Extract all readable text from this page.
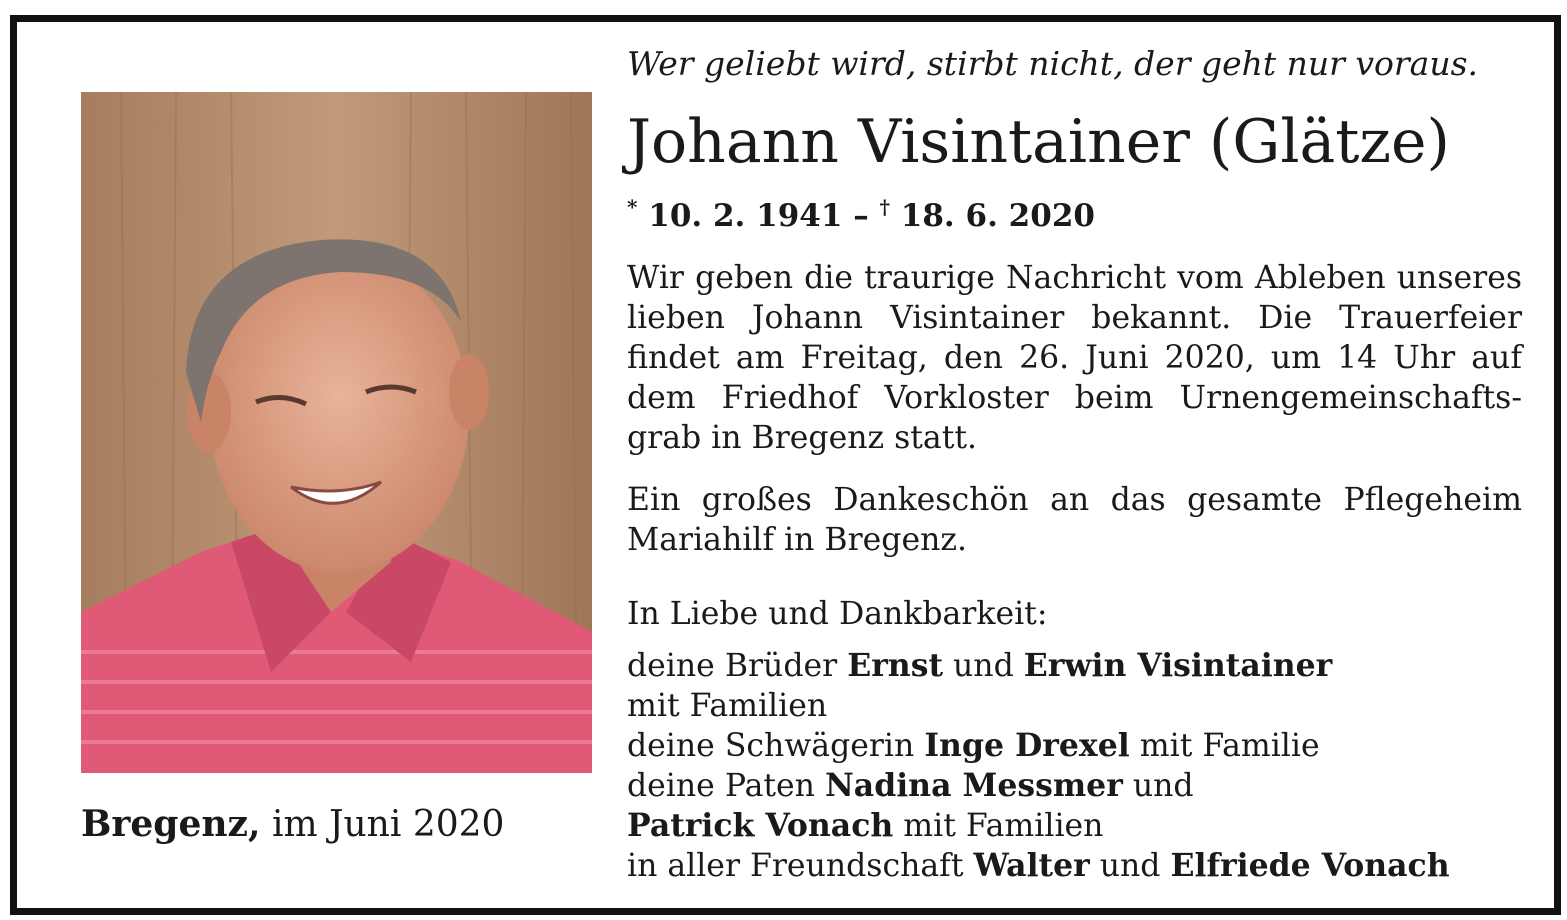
Bregenz, im Juni 2020
Wer geliebt wird, stirbt nicht, der geht nur voraus.
Johann Visintainer (Glätze)
* 10. 2. 1941 – † 18. 6. 2020
Wir geben die traurige Nachricht vom Ableben unseres lieben Johann Visintainer bekannt. Die Trauerfeier findet am Freitag, den 26. Juni 2020, um 14 Uhr auf dem Friedhof Vorkloster beim Urnengemeinschafts-grab in Bregenz statt.
Ein großes Dankeschön an das gesamte Pflegeheim Mariahilf in Bregenz.
In Liebe und Dankbarkeit:
deine Brüder Ernst und Erwin Visintainer
mit Familien
deine Schwägerin Inge Drexel mit Familie
deine Paten Nadina Messmer und
Patrick Vonach mit Familien
in aller Freundschaft Walter und Elfriede Vonach
